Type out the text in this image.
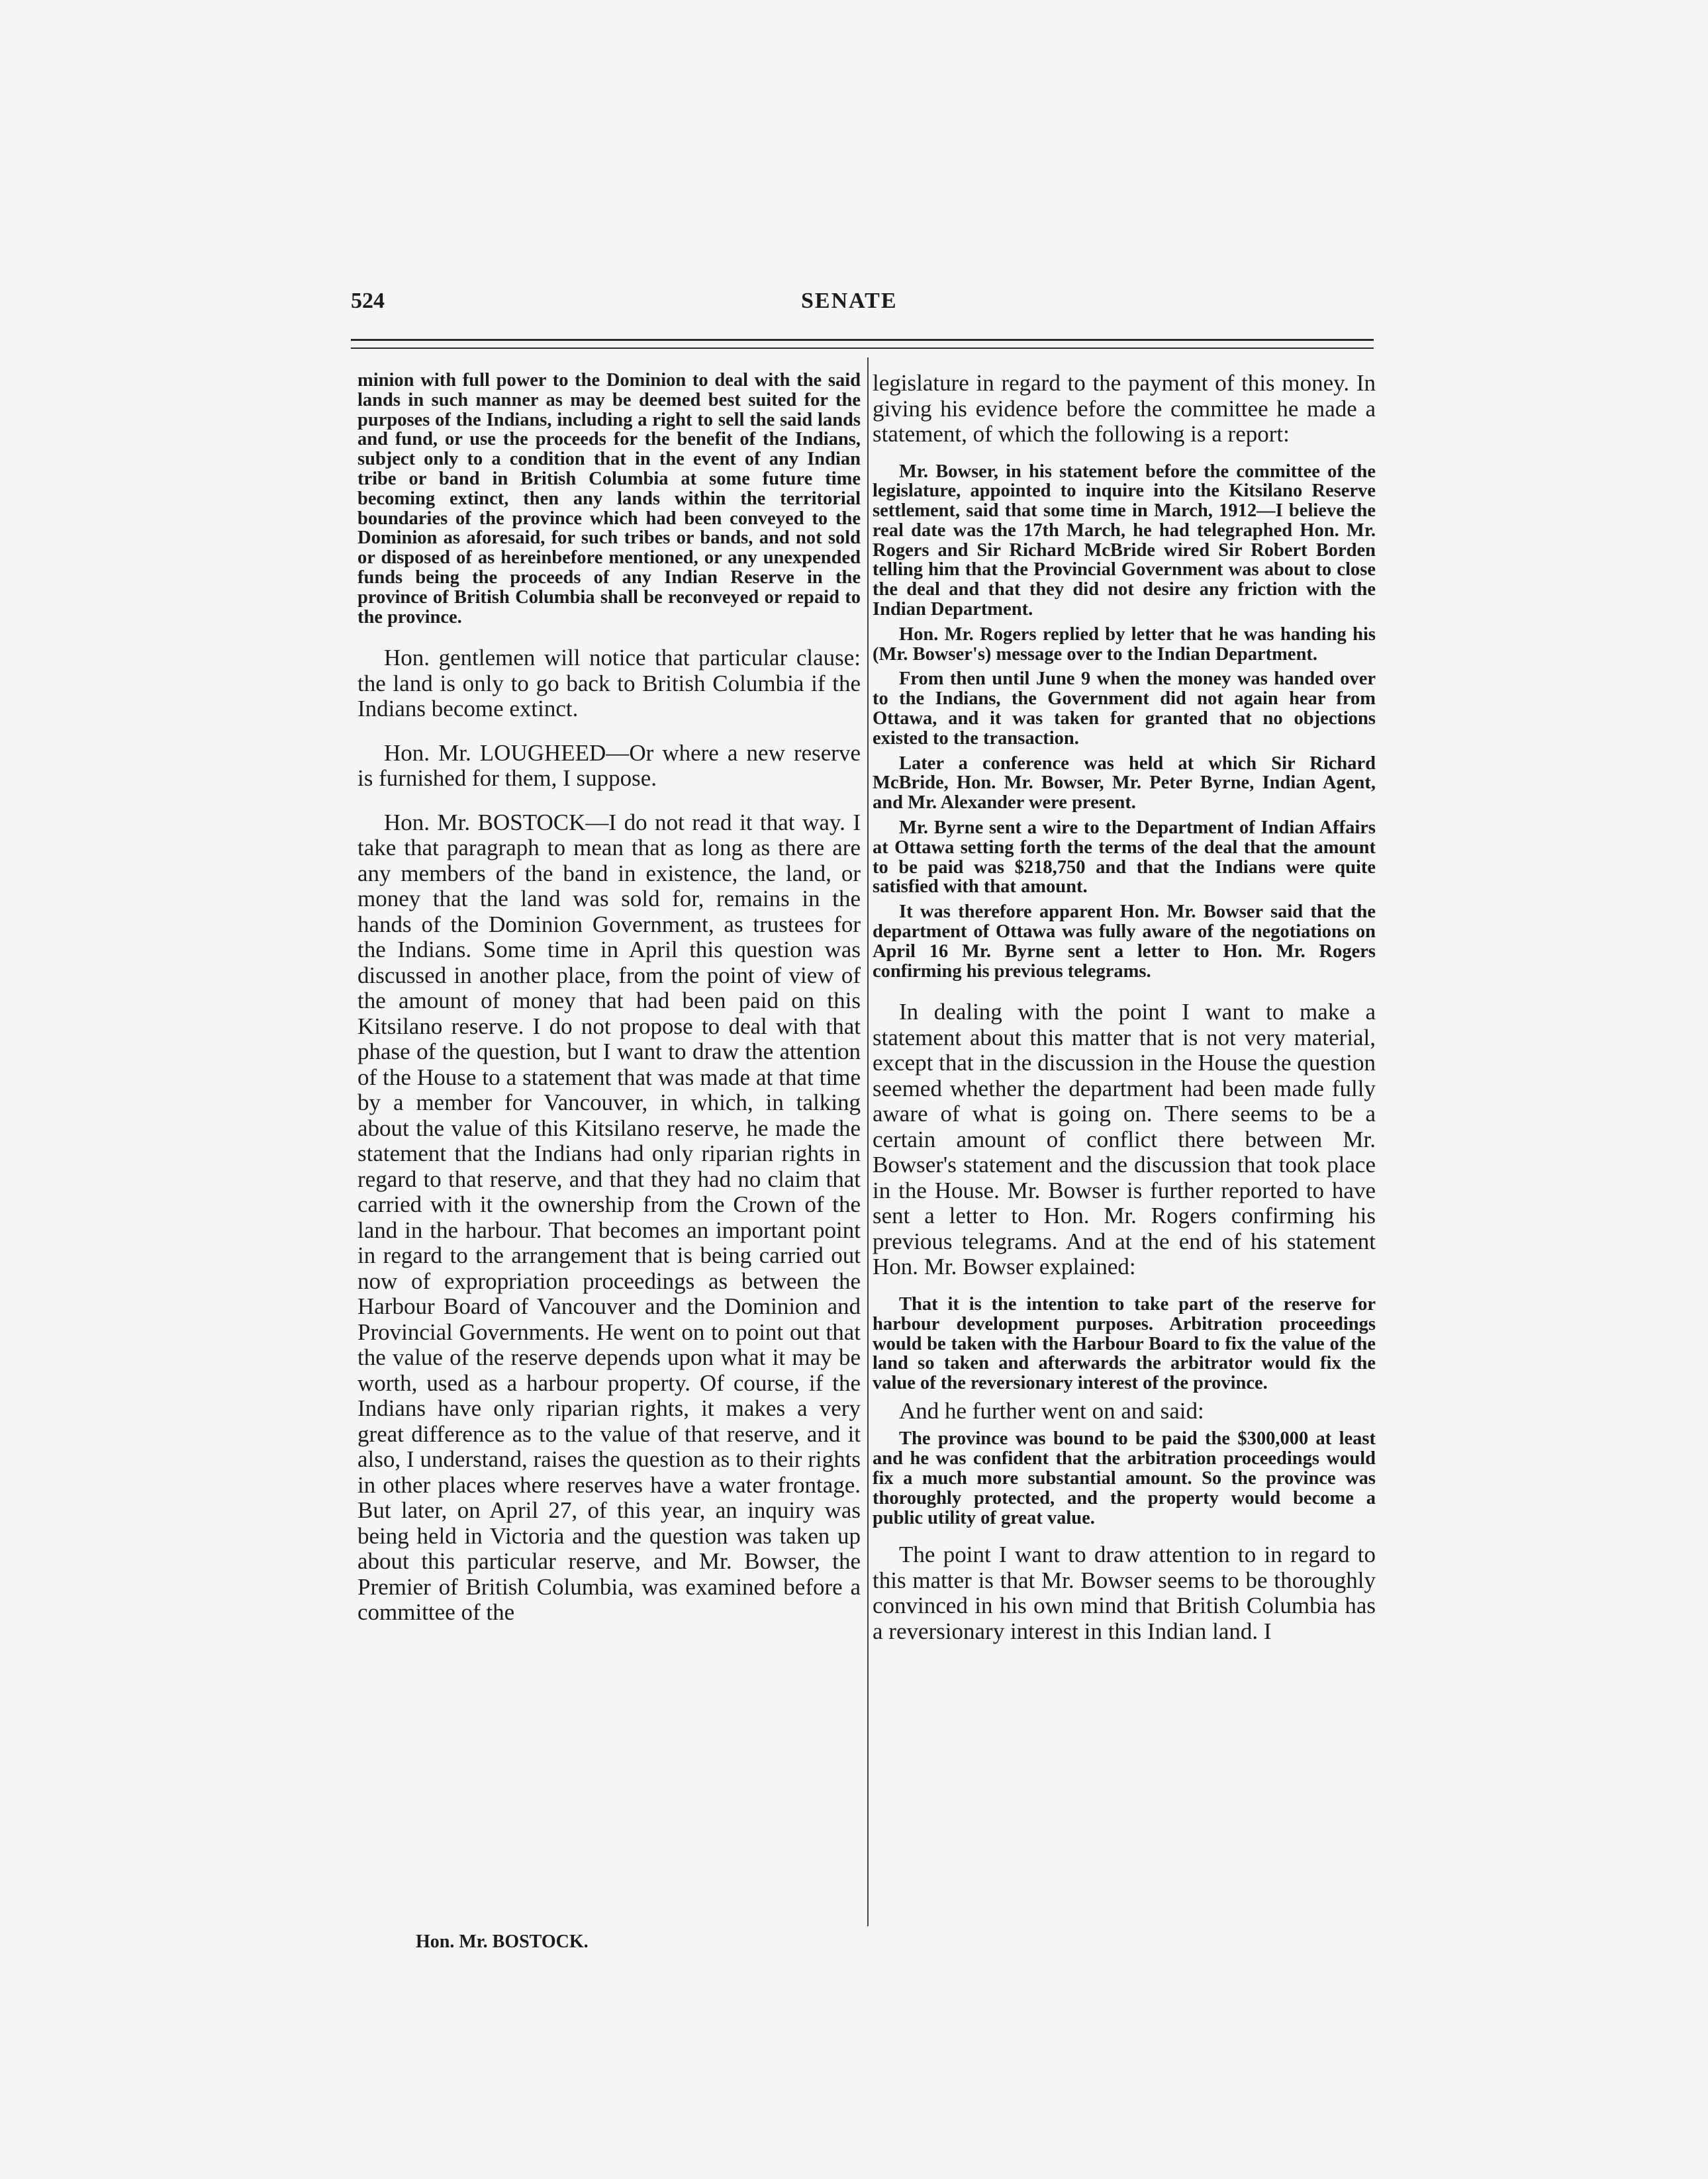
524	SENATE

minion with full power to the Dominion to deal with the said lands in such manner as may be deemed best suited for the purposes of the Indians, including a right to sell the said lands and fund, or use the proceeds for the benefit of the Indians, subject only to a condition that in the event of any Indian tribe or band in British Columbia at some future time becoming extinct, then any lands within the territorial boundaries of the province which had been conveyed to the Dominion as aforesaid, for such tribes or bands, and not sold or disposed of as hereinbefore mentioned, or any unexpended funds being the proceeds of any Indian Reserve in the province of British Columbia shall be reconveyed or repaid to the province.

Hon. gentlemen will notice that particular clause: the land is only to go back to British Columbia if the Indians become extinct.

Hon. Mr. LOUGHEED—Or where a new reserve is furnished for them, I suppose.

Hon. Mr. BOSTOCK—I do not read it that way. I take that paragraph to mean that as long as there are any members of the band in existence, the land, or money that the land was sold for, remains in the hands of the Dominion Government, as trustees for the Indians. Some time in April this question was discussed in another place, from the point of view of the amount of money that had been paid on this Kitsilano reserve. I do not propose to deal with that phase of the question, but I want to draw the attention of the House to a statement that was made at that time by a member for Vancouver, in which, in talking about the value of this Kitsilano reserve, he made the statement that the Indians had only riparian rights in regard to that reserve, and that they had no claim that carried with it the ownership from the Crown of the land in the harbour. That becomes an important point in regard to the arrangement that is being carried out now of expropriation proceedings as between the Harbour Board of Vancouver and the Dominion and Provincial Governments. He went on to point out that the value of the reserve depends upon what it may be worth, used as a harbour property. Of course, if the Indians have only riparian rights, it makes a very great difference as to the value of that reserve, and it also, I understand, raises the question as to their rights in other places where reserves have a water frontage. But later, on April 27, of this year, an inquiry was being held in Victoria and the question was taken up about this particular reserve, and Mr. Bowser, the Premier of British Columbia, was examined before a committee of the

legislature in regard to the payment of this money. In giving his evidence before the committee he made a statement, of which the following is a report:

Mr. Bowser, in his statement before the committee of the legislature, appointed to inquire into the Kitsilano Reserve settlement, said that some time in March, 1912—I believe the real date was the 17th March, he had telegraphed Hon. Mr. Rogers and Sir Richard McBride wired Sir Robert Borden telling him that the Provincial Government was about to close the deal and that they did not desire any friction with the Indian Department.

Hon. Mr. Rogers replied by letter that he was handing his (Mr. Bowser's) message over to the Indian Department.

From then until June 9 when the money was handed over to the Indians, the Government did not again hear from Ottawa, and it was taken for granted that no objections existed to the transaction.

Later a conference was held at which Sir Richard McBride, Hon. Mr. Bowser, Mr. Peter Byrne, Indian Agent, and Mr. Alexander were present.

Mr. Byrne sent a wire to the Department of Indian Affairs at Ottawa setting forth the terms of the deal that the amount to be paid was $218,750 and that the Indians were quite satisfied with that amount.

It was therefore apparent Hon. Mr. Bowser said that the department of Ottawa was fully aware of the negotiations on April 16 Mr. Byrne sent a letter to Hon. Mr. Rogers confirming his previous telegrams.

In dealing with the point I want to make a statement about this matter that is not very material, except that in the discussion in the House the question seemed whether the department had been made fully aware of what is going on. There seems to be a certain amount of conflict there between Mr. Bowser's statement and the discussion that took place in the House. Mr. Bowser is further reported to have sent a letter to Hon. Mr. Rogers confirming his previous telegrams. And at the end of his statement Hon. Mr. Bowser explained:

That it is the intention to take part of the reserve for harbour development purposes. Arbitration proceedings would be taken with the Harbour Board to fix the value of the land so taken and afterwards the arbitrator would fix the value of the reversionary interest of the province.

And he further went on and said:

The province was bound to be paid the $300,000 at least and he was confident that the arbitration proceedings would fix a much more substantial amount. So the province was thoroughly protected, and the property would become a public utility of great value.

The point I want to draw attention to in regard to this matter is that Mr. Bowser seems to be thoroughly convinced in his own mind that British Columbia has a reversionary interest in this Indian land. I

Hon. Mr. BOSTOCK.
